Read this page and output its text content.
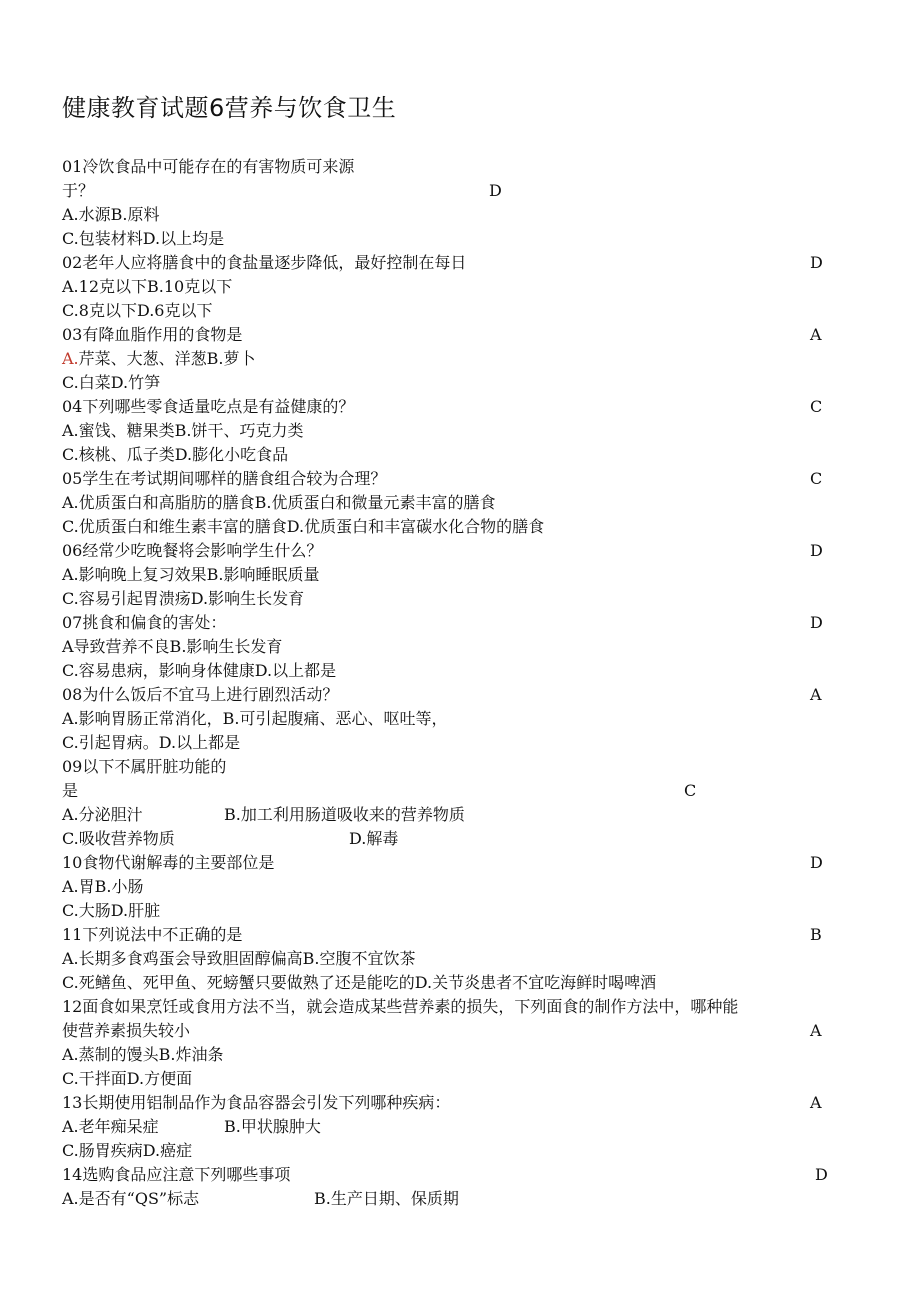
健康教育试题6营养与饮食卫生
01冷饮食品中可能存在的有害物质可来源
于？	D
A.水源B.原料
C.包装材料D.以上均是
02老年人应将膳食中的食盐量逐步降低，最好控制在每日	D
A.12克以下B.10克以下
C.8克以下D.6克以下
03有降血脂作用的食物是	A
A.芹菜、大葱、洋葱B.萝卜
C.白菜D.竹笋
04下列哪些零食适量吃点是有益健康的？	C
A.蜜饯、糖果类B.饼干、巧克力类
C.核桃、瓜子类D.膨化小吃食品
05学生在考试期间哪样的膳食组合较为合理？	C
A.优质蛋白和高脂肪的膳食B.优质蛋白和微量元素丰富的膳食
C.优质蛋白和维生素丰富的膳食D.优质蛋白和丰富碳水化合物的膳食
06经常少吃晚餐将会影响学生什么？	D
A.影响晚上复习效果B.影响睡眠质量
C.容易引起胃溃疡D.影响生长发育
07挑食和偏食的害处：	D
A导致营养不良B.影响生长发育
C.容易患病，影响身体健康D.以上都是
08为什么饭后不宜马上进行剧烈活动？	A
A.影响胃肠正常消化，B.可引起腹痛、恶心、呕吐等，
C.引起胃病。D.以上都是
09以下不属肝脏功能的
是	C
A.分泌胆汁	B.加工利用肠道吸收来的营养物质
C.吸收营养物质	D.解毒
10食物代谢解毒的主要部位是	D
A.胃B.小肠
C.大肠D.肝脏
11下列说法中不正确的是	B
A.长期多食鸡蛋会导致胆固醇偏高B.空腹不宜饮茶
C.死鳝鱼、死甲鱼、死螃蟹只要做熟了还是能吃的D.关节炎患者不宜吃海鲜时喝啤酒
12面食如果烹饪或食用方法不当，就会造成某些营养素的损失，下列面食的制作方法中，哪种能
使营养素损失较小	A
A.蒸制的馒头B.炸油条
C.干拌面D.方便面
13长期使用铝制品作为食品容器会引发下列哪种疾病：	A
A.老年痴呆症	B.甲状腺肿大
C.肠胃疾病D.癌症
14选购食品应注意下列哪些事项	D
A.是否有“QS”标志	B.生产日期、保质期
